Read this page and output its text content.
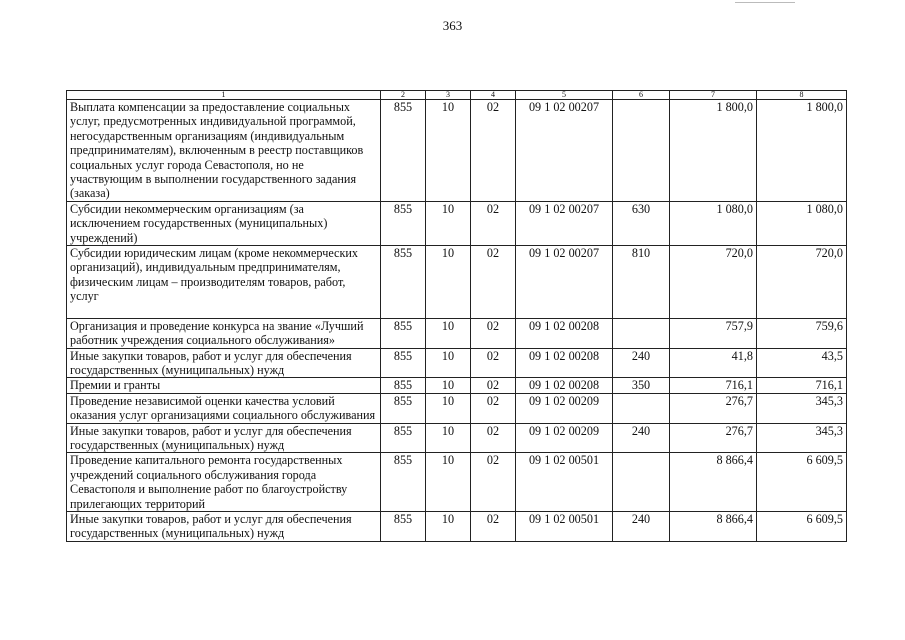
363
1	2	3	4	5	6	7	8
Выплата компенсации за предоставление социальных услуг, предусмотренных индивидуальной программой, негосударственным организациям (индивидуальным предпринимателям), включенным в реестр поставщиков социальных услуг города Севастополя, но не участвующим в выполнении государственного задания (заказа)	855	10	02	09 1 02 00207		1 800,0	1 800,0
Субсидии некоммерческим организациям (за исключением государственных (муниципальных) учреждений)	855	10	02	09 1 02 00207	630	1 080,0	1 080,0
Субсидии юридическим лицам (кроме некоммерческих организаций), индивидуальным предпринимателям, физическим лицам – производителям товаров, работ, услуг	855	10	02	09 1 02 00207	810	720,0	720,0
Организация и проведение конкурса на звание «Лучший работник учреждения социального обслуживания»	855	10	02	09 1 02 00208		757,9	759,6
Иные закупки товаров, работ и услуг для обеспечения государственных (муниципальных) нужд	855	10	02	09 1 02 00208	240	41,8	43,5
Премии и гранты	855	10	02	09 1 02 00208	350	716,1	716,1
Проведение независимой оценки качества условий оказания услуг организациями социального обслуживания	855	10	02	09 1 02 00209		276,7	345,3
Иные закупки товаров, работ и услуг для обеспечения государственных (муниципальных) нужд	855	10	02	09 1 02 00209	240	276,7	345,3
Проведение капитального ремонта государственных учреждений социального обслуживания города Севастополя и выполнение работ по благоустройству прилегающих территорий	855	10	02	09 1 02 00501		8 866,4	6 609,5
Иные закупки товаров, работ и услуг для обеспечения государственных (муниципальных) нужд	855	10	02	09 1 02 00501	240	8 866,4	6 609,5
